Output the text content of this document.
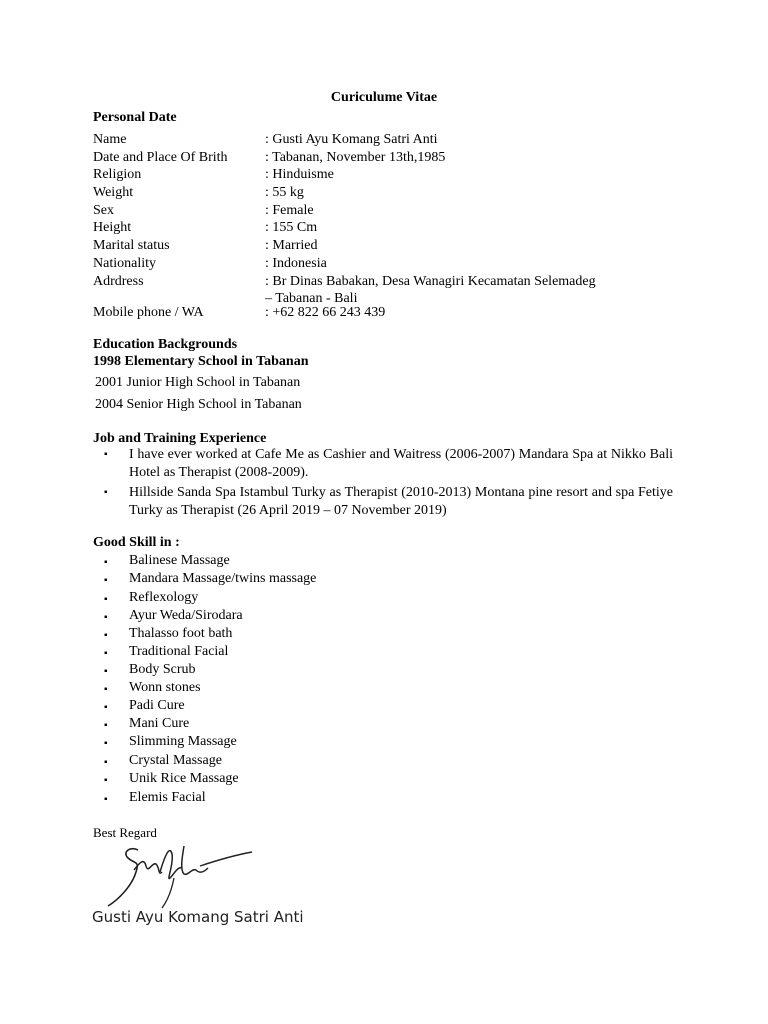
Curiculume Vitae
Personal Date
Name	: Gusti Ayu Komang Satri Anti
Date and Place Of Brith	: Tabanan, November 13th,1985
Religion	: Hinduisme
Weight	: 55 kg
Sex	: Female
Height	: 155 Cm
Marital status	: Married
Nationality	: Indonesia
Adrdress	: Br Dinas Babakan, Desa Wanagiri Kecamatan Selemadeg
– Tabanan - Bali
Mobile phone / WA	: +62 822 66 243 439
Education Backgrounds
1998 Elementary School in Tabanan
2001 Junior High School in Tabanan
2004 Senior High School in Tabanan
Job and Training Experience
▪ I have ever worked at Cafe Me as Cashier and Waitress (2006-2007) Mandara Spa at Nikko Bali Hotel as Therapist (2008-2009).
▪ Hillside Sanda Spa Istambul Turky as Therapist (2010-2013) Montana pine resort and spa Fetiye Turky as Therapist (26 April 2019 – 07 November 2019)
Good Skill in :
▪ Balinese Massage
▪ Mandara Massage/twins massage
▪ Reflexology
▪ Ayur Weda/Sirodara
▪ Thalasso foot bath
▪ Traditional Facial
▪ Body Scrub
▪ Wonn stones
▪ Padi Cure
▪ Mani Cure
▪ Slimming Massage
▪ Crystal Massage
▪ Unik Rice Massage
▪ Elemis Facial
Best Regard
Gusti Ayu Komang Satri Anti
